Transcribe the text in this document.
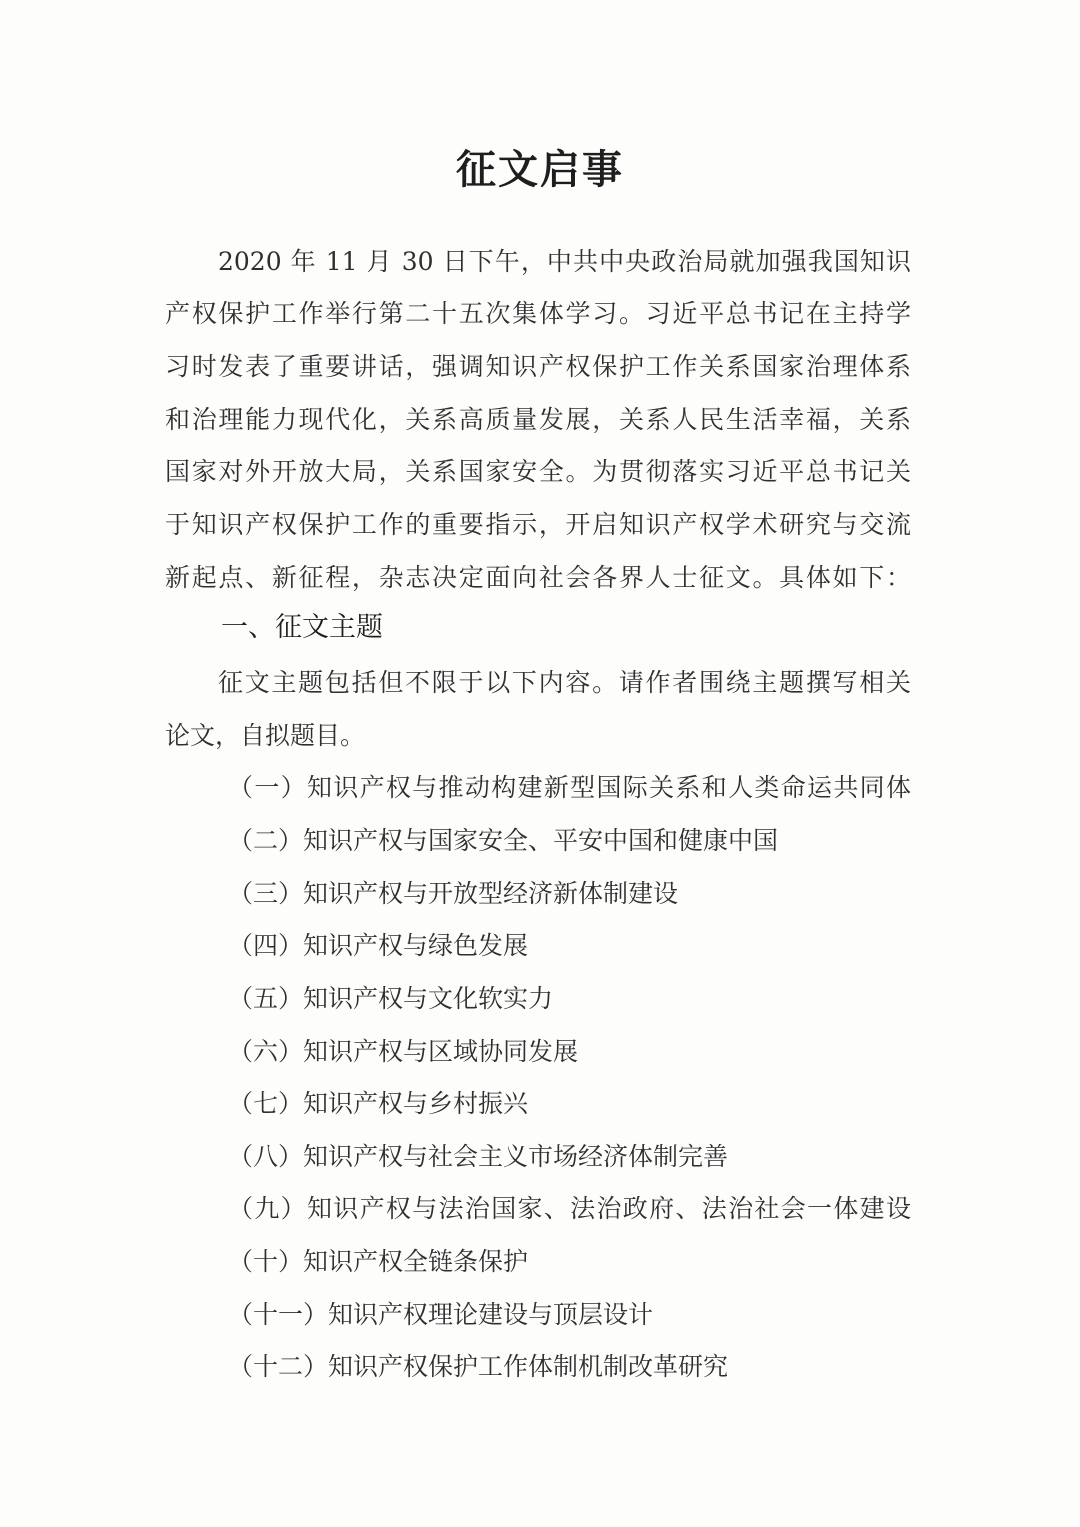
征文启事
2020 年 11 月 30 日下午，中共中央政治局就加强我国知识
产权保护工作举行第二十五次集体学习。习近平总书记在主持学
习时发表了重要讲话，强调知识产权保护工作关系国家治理体系
和治理能力现代化，关系高质量发展，关系人民生活幸福，关系
国家对外开放大局，关系国家安全。为贯彻落实习近平总书记关
于知识产权保护工作的重要指示，开启知识产权学术研究与交流
新起点、新征程，杂志决定面向社会各界人士征文。具体如下：
一、征文主题
征文主题包括但不限于以下内容。请作者围绕主题撰写相关
论文，自拟题目。
（一）知识产权与推动构建新型国际关系和人类命运共同体
（二）知识产权与国家安全、平安中国和健康中国
（三）知识产权与开放型经济新体制建设
（四）知识产权与绿色发展
（五）知识产权与文化软实力
（六）知识产权与区域协同发展
（七）知识产权与乡村振兴
（八）知识产权与社会主义市场经济体制完善
（九）知识产权与法治国家、法治政府、法治社会一体建设
（十）知识产权全链条保护
（十一）知识产权理论建设与顶层设计
（十二）知识产权保护工作体制机制改革研究
